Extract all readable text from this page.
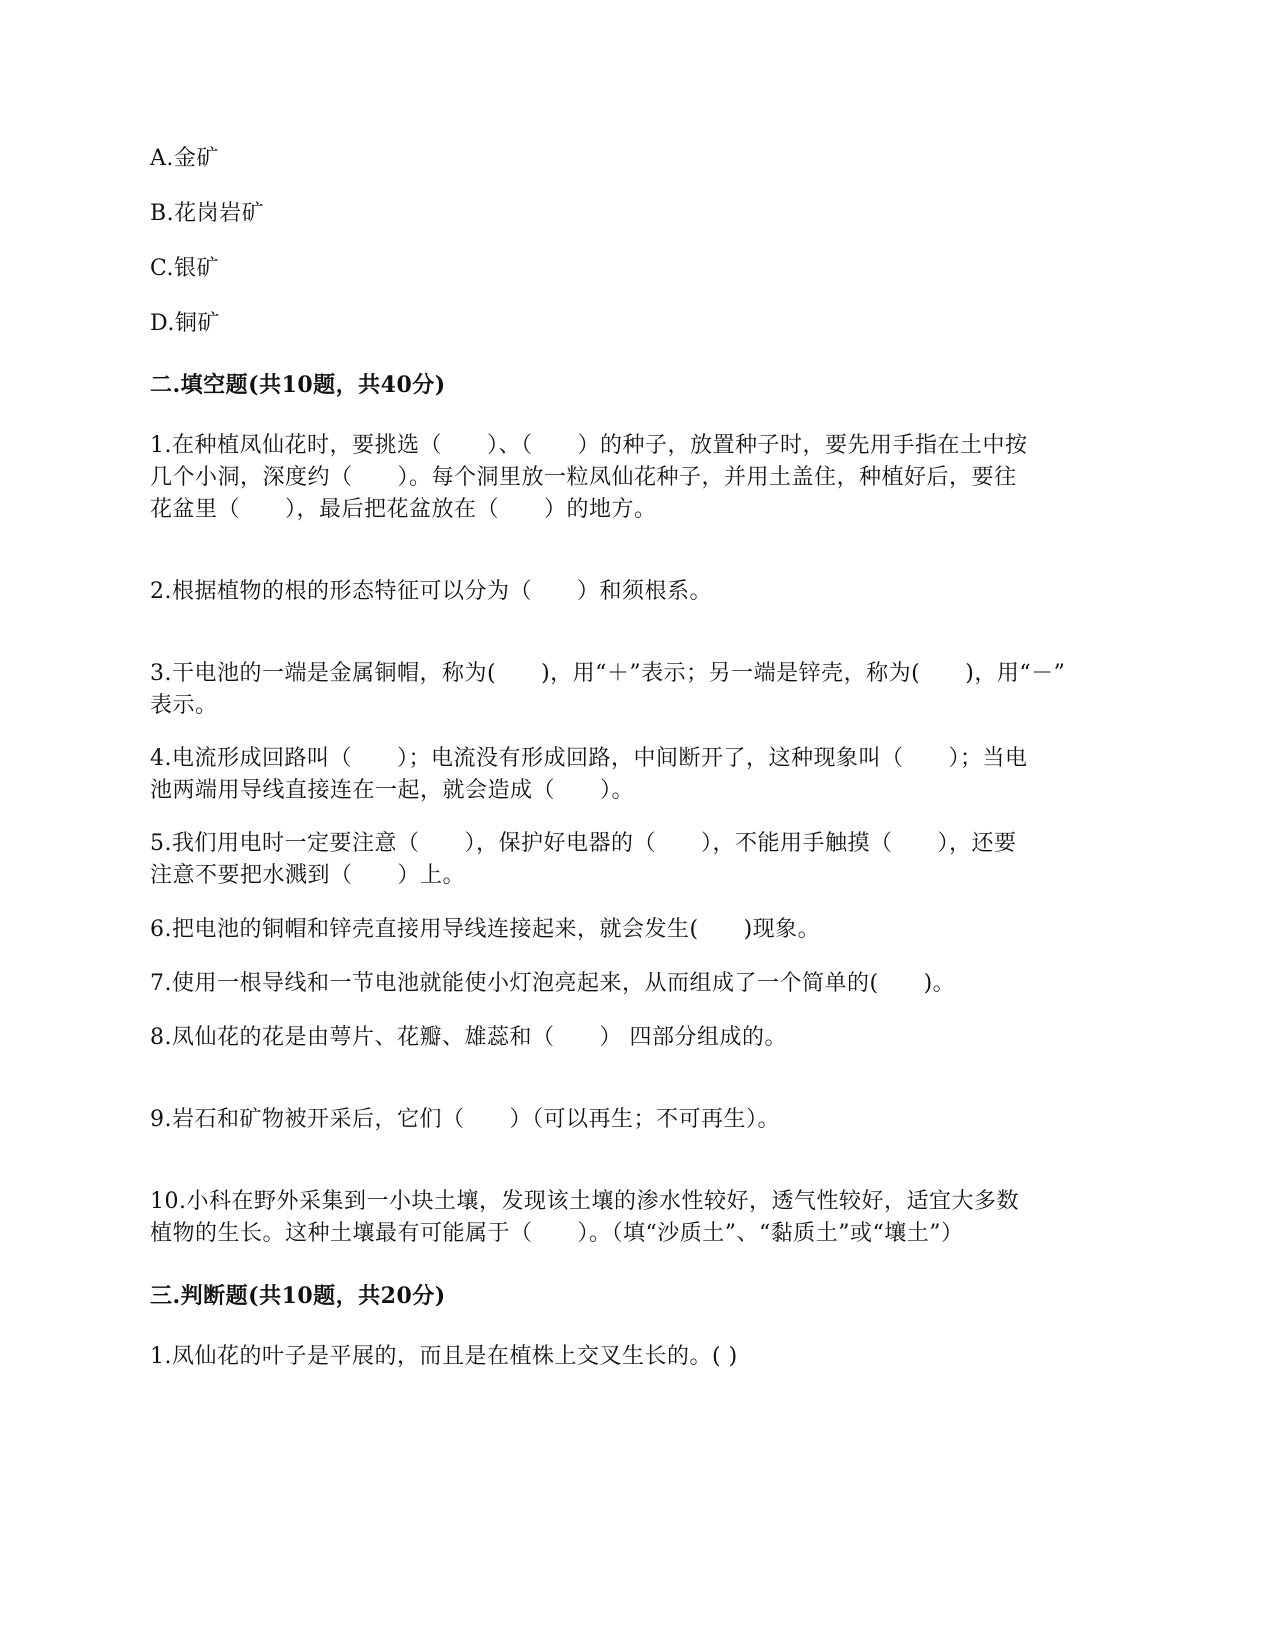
A.金矿
B.花岗岩矿
C.银矿
D.铜矿
二.填空题(共10题，共40分)
1.在种植凤仙花时，要挑选（　　）、（　　）的种子，放置种子时，要先用手指在土中按
几个小洞，深度约（　　）。每个洞里放一粒凤仙花种子，并用土盖住，种植好后，要往
花盆里（　　），最后把花盆放在（　　）的地方。
2.根据植物的根的形态特征可以分为（　　）和须根系。
3.干电池的一端是金属铜帽，称为(　　)，用“＋”表示；另一端是锌壳，称为(　　)，用“－”
表示。
4.电流形成回路叫（　　）；电流没有形成回路，中间断开了，这种现象叫（　　）；当电
池两端用导线直接连在一起，就会造成（　　）。
5.我们用电时一定要注意（　　），保护好电器的（　　），不能用手触摸（　　），还要
注意不要把水溅到（　　）上。
6.把电池的铜帽和锌壳直接用导线连接起来，就会发生(　　)现象。
7.使用一根导线和一节电池就能使小灯泡亮起来，从而组成了一个简单的(　　)。
8.凤仙花的花是由萼片、花瓣、雄蕊和（　　） 四部分组成的。
9.岩石和矿物被开采后，它们（　　）（可以再生；不可再生）。
10.小科在野外采集到一小块土壤，发现该土壤的渗水性较好，透气性较好，适宜大多数
植物的生长。这种土壤最有可能属于（　　）。（填“沙质土”、“黏质土”或“壤土”）
三.判断题(共10题，共20分)
1.凤仙花的叶子是平展的，而且是在植株上交叉生长的。( )
